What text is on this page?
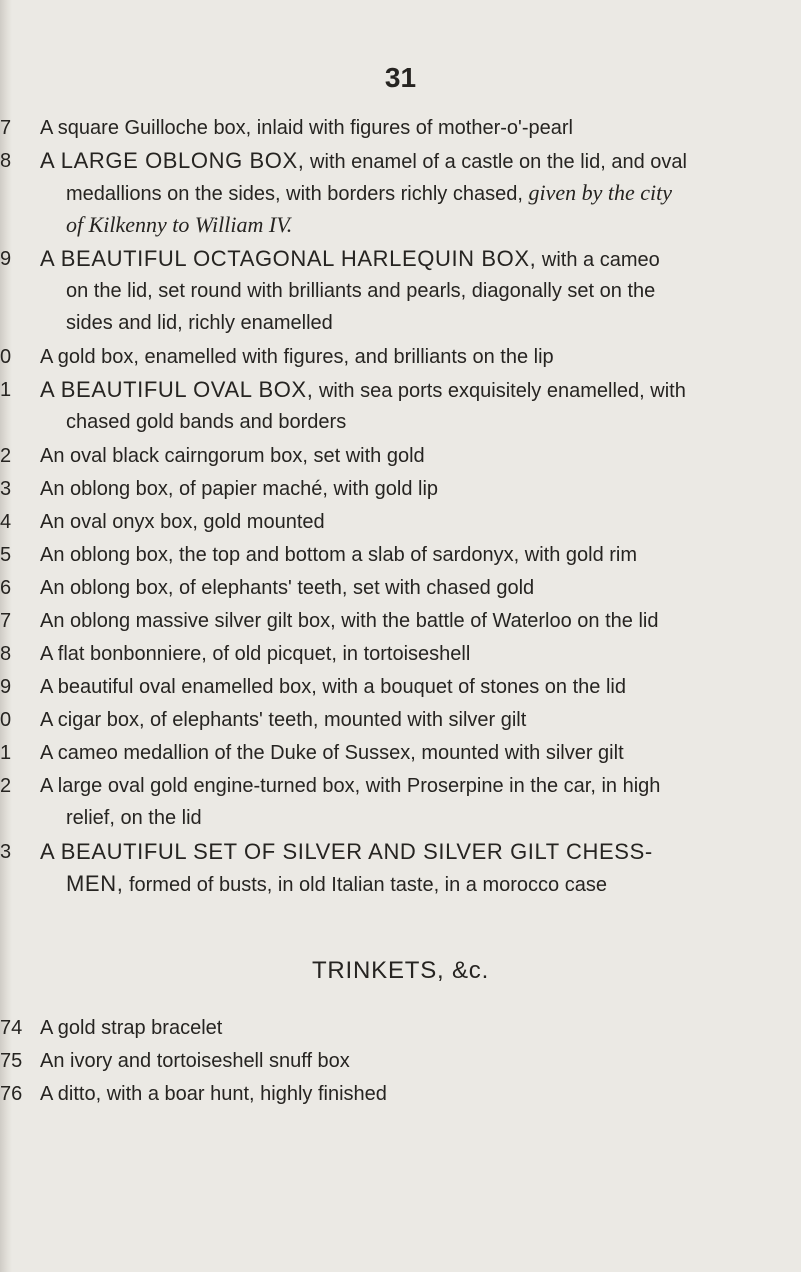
31
7	A square Guilloche box, inlaid with figures of mother-o'-pearl
8	A LARGE OBLONG BOX, with enamel of a castle on the lid, and oval
medallions on the sides, with borders richly chased, given by the city
of Kilkenny to William IV.
9	A BEAUTIFUL OCTAGONAL HARLEQUIN BOX, with a cameo
on the lid, set round with brilliants and pearls, diagonally set on the
sides and lid, richly enamelled
0	A gold box, enamelled with figures, and brilliants on the lip
1	A BEAUTIFUL OVAL BOX, with sea ports exquisitely enamelled, with
chased gold bands and borders
2	An oval black cairngorum box, set with gold
3	An oblong box, of papier maché, with gold lip
4	An oval onyx box, gold mounted
5	An oblong box, the top and bottom a slab of sardonyx, with gold rim
6	An oblong box, of elephants' teeth, set with chased gold
7	An oblong massive silver gilt box, with the battle of Waterloo on the lid
8	A flat bonbonniere, of old picquet, in tortoiseshell
9	A beautiful oval enamelled box, with a bouquet of stones on the lid
0	A cigar box, of elephants' teeth, mounted with silver gilt
1	A cameo medallion of the Duke of Sussex, mounted with silver gilt
2	A large oval gold engine-turned box, with Proserpine in the car, in high
relief, on the lid
3	A BEAUTIFUL SET OF SILVER AND SILVER GILT CHESS-
MEN, formed of busts, in old Italian taste, in a morocco case
TRINKETS, &c.
74 A gold strap bracelet
75 An ivory and tortoiseshell snuff box
76 A ditto, with a boar hunt, highly finished
